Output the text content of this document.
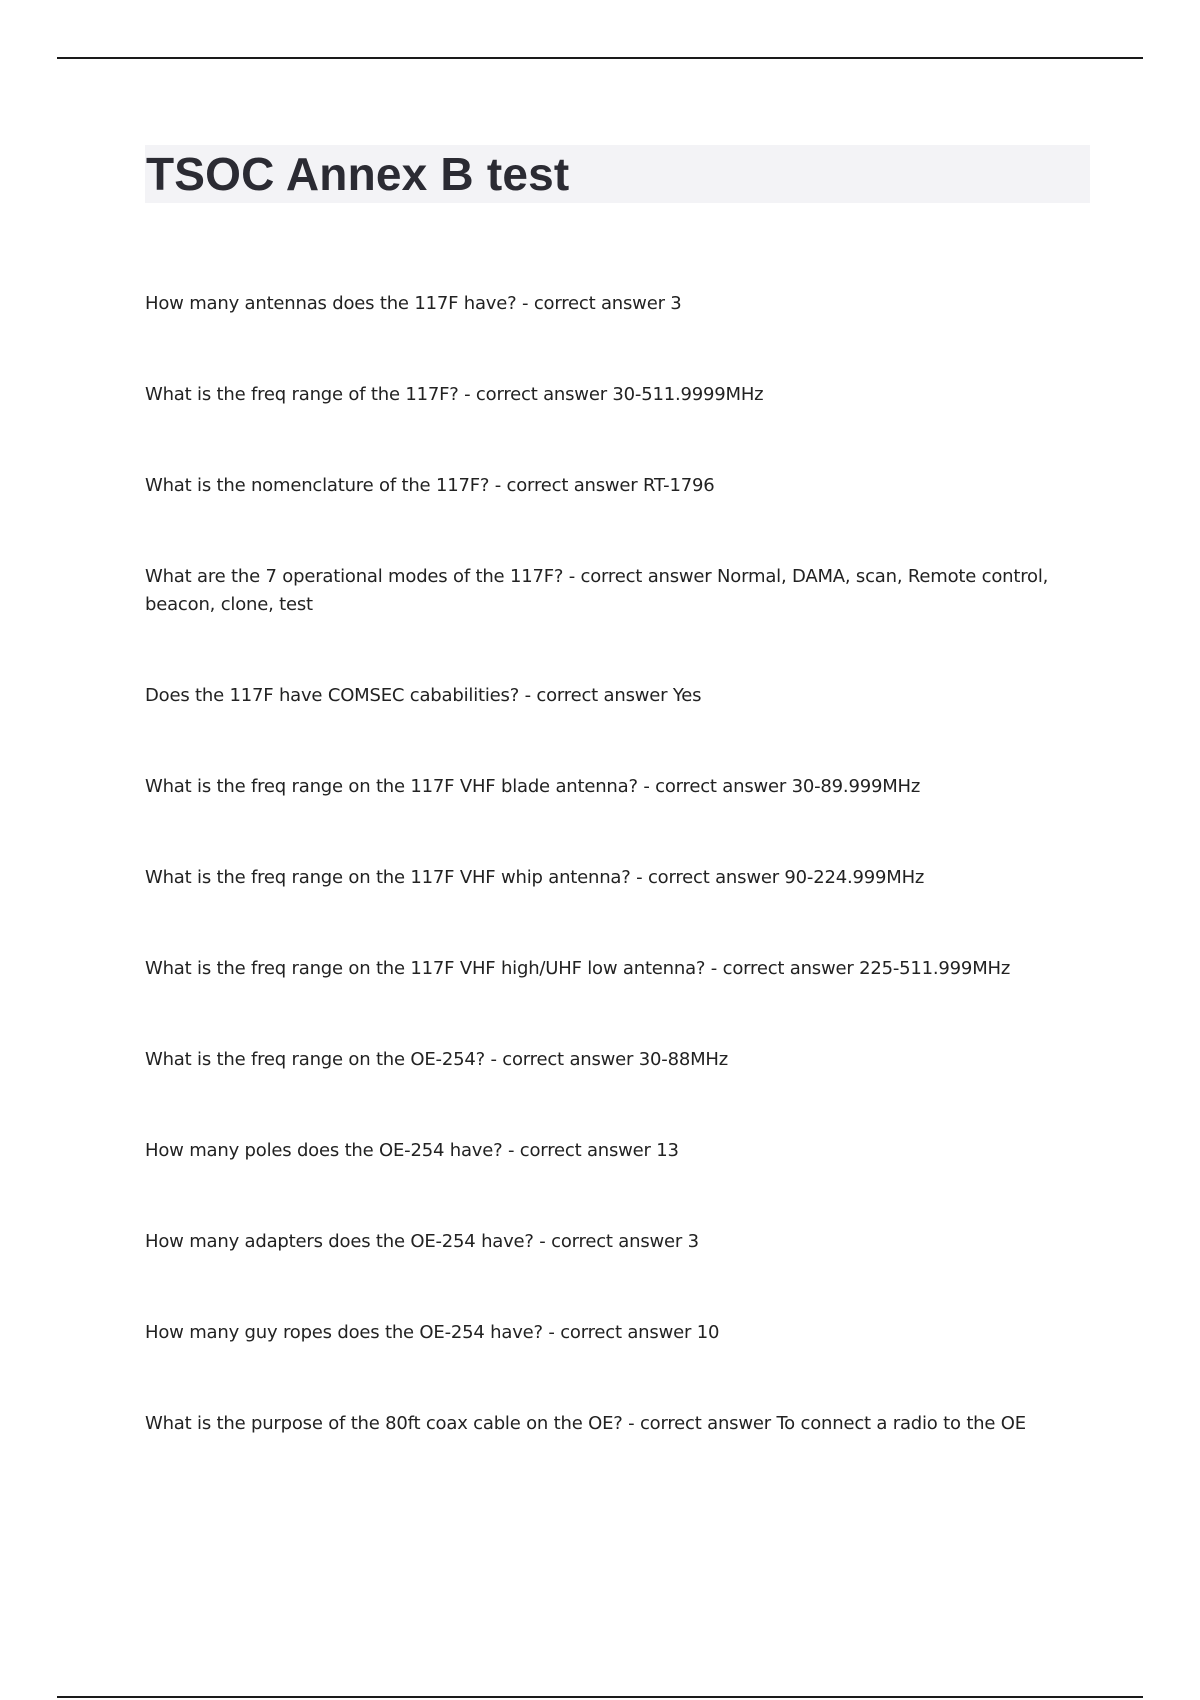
TSOC Annex B test
How many antennas does the 117F have? - correct answer 3
What is the freq range of the 117F? - correct answer 30-511.9999MHz
What is the nomenclature of the 117F? - correct answer RT-1796
What are the 7 operational modes of the 117F? - correct answer Normal, DAMA, scan, Remote control, beacon, clone, test
Does the 117F have COMSEC cababilities? - correct answer Yes
What is the freq range on the 117F VHF blade antenna? - correct answer 30-89.999MHz
What is the freq range on the 117F VHF whip antenna? - correct answer 90-224.999MHz
What is the freq range on the 117F VHF high/UHF low antenna? - correct answer 225-511.999MHz
What is the freq range on the OE-254? - correct answer 30-88MHz
How many poles does the OE-254 have? - correct answer 13
How many adapters does the OE-254 have? - correct answer 3
How many guy ropes does the OE-254 have? - correct answer 10
What is the purpose of the 80ft coax cable on the OE? - correct answer To connect a radio to the OE
